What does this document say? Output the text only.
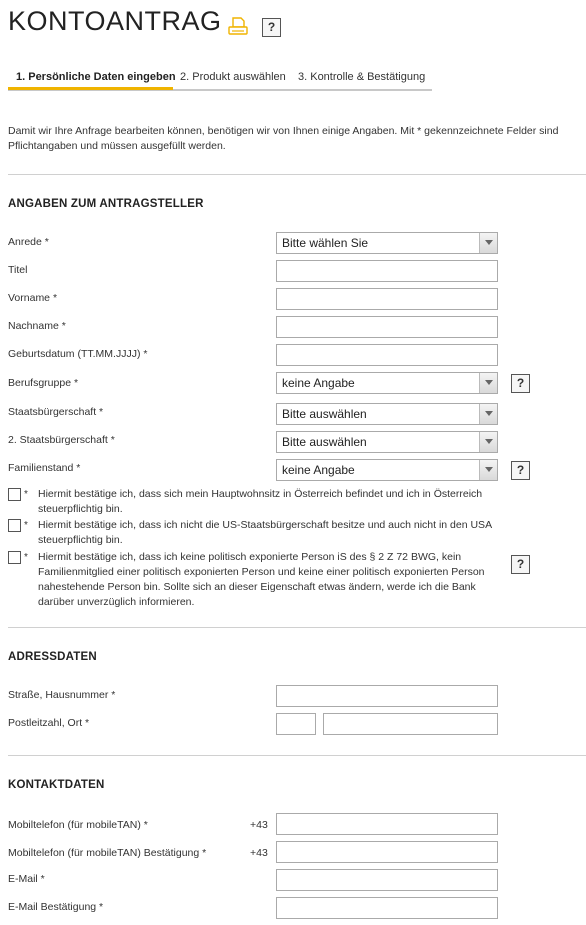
KONTOANTRAG	?
1. Persönliche Daten eingeben 2. Produkt auswählen 3. Kontrolle & Bestätigung
Damit wir Ihre Anfrage bearbeiten können, benötigen wir von Ihnen einige Angaben. Mit * gekennzeichnete Felder sind Pflichtangaben und müssen ausgefüllt werden.
ANGABEN ZUM ANTRAGSTELLER
Anrede *	Bitte wählen Sie
Titel
Vorname *
Nachname *
Geburtsdatum (TT.MM.JJJJ) *
Berufsgruppe *	keine Angabe	?
Staatsbürgerschaft *	Bitte auswählen
2. Staatsbürgerschaft *	Bitte auswählen
Familienstand *	keine Angabe	?
* Hiermit bestätige ich, dass sich mein Hauptwohnsitz in Österreich befindet und ich in Österreich steuerpflichtig bin.
* Hiermit bestätige ich, dass ich nicht die US-Staatsbürgerschaft besitze und auch nicht in den USA steuerpflichtig bin.
* Hiermit bestätige ich, dass ich keine politisch exponierte Person iS des § 2 Z 72 BWG, kein Familienmitglied einer politisch exponierten Person und keine einer politisch exponierten Person nahestehende Person bin. Sollte sich an dieser Eigenschaft etwas ändern, werde ich die Bank darüber unverzüglich informieren.
?
ADRESSDATEN
Straße, Hausnummer *
Postleitzahl, Ort *
KONTAKTDATEN
Mobiltelefon (für mobileTAN) *	+43
Mobiltelefon (für mobileTAN) Bestätigung *	+43
E-Mail *
E-Mail Bestätigung *
